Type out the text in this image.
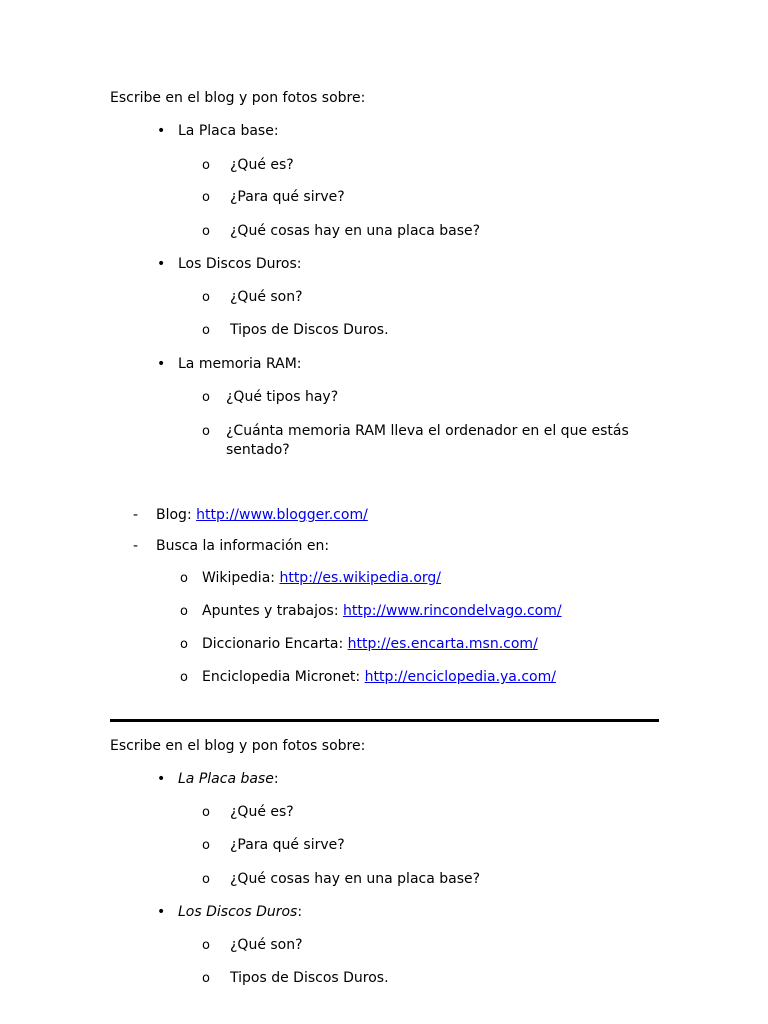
Escribe en el blog y pon fotos sobre:
• La Placa base:
o ¿Qué es?
o ¿Para qué sirve?
o ¿Qué cosas hay en una placa base?
• Los Discos Duros:
o ¿Qué son?
o Tipos de Discos Duros.
• La memoria RAM:
o ¿Qué tipos hay?
o ¿Cuánta memoria RAM lleva el ordenador en el que estás sentado?
- Blog: http://www.blogger.com/
- Busca la información en:
o Wikipedia: http://es.wikipedia.org/
o Apuntes y trabajos: http://www.rincondelvago.com/
o Diccionario Encarta: http://es.encarta.msn.com/
o Enciclopedia Micronet: http://enciclopedia.ya.com/
Escribe en el blog y pon fotos sobre:
• La Placa base:
o ¿Qué es?
o ¿Para qué sirve?
o ¿Qué cosas hay en una placa base?
• Los Discos Duros:
o ¿Qué son?
o Tipos de Discos Duros.
